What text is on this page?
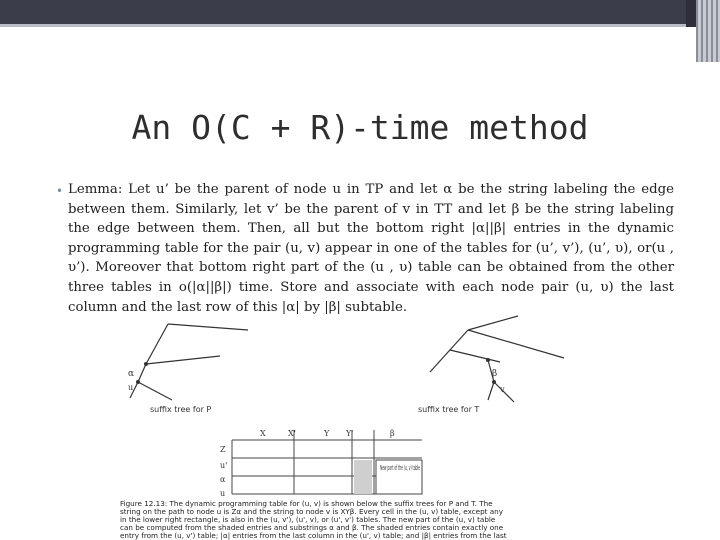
An O(C + R)-time method
• Lemma: Let u’ be the parent of node u in TP and let α be the string labeling the edge between them. Similarly, let v’ be the parent of v in TT and let β be the string labeling the edge between them. Then, all but the bottom right |α||β| entries in the dynamic programming table for the pair (u, v) appear in one of the tables for (u’, v’), (u’, υ), or(u , υ’). Moreover that bottom right part of the (u , υ) table can be obtained from the other three tables in o(|α||β|) time. Store and associate with each node pair (u, υ) the last column and the last row of this |α| by |β| subtable.
α
u
suffix tree for P
β
v
suffix tree for T
X	X'	Y Y'	β
Z
u'
α
u
New part of the (u, v) table
Figure 12.13: The dynamic programming table for (u, v) is shown below the suffix trees for P and T. The
string on the path to node u is Zα and the string to node v is XYβ. Every cell in the (u, v) table, except any
in the lower right rectangle, is also in the (u, v'), (u', v), or (u', v') tables. The new part of the (u, v) table
can be computed from the shaded entries and substrings α and β. The shaded entries contain exactly one
entry from the (u, v') table; |α| entries from the last column in the (u', v) table; and |β| entries from the last
